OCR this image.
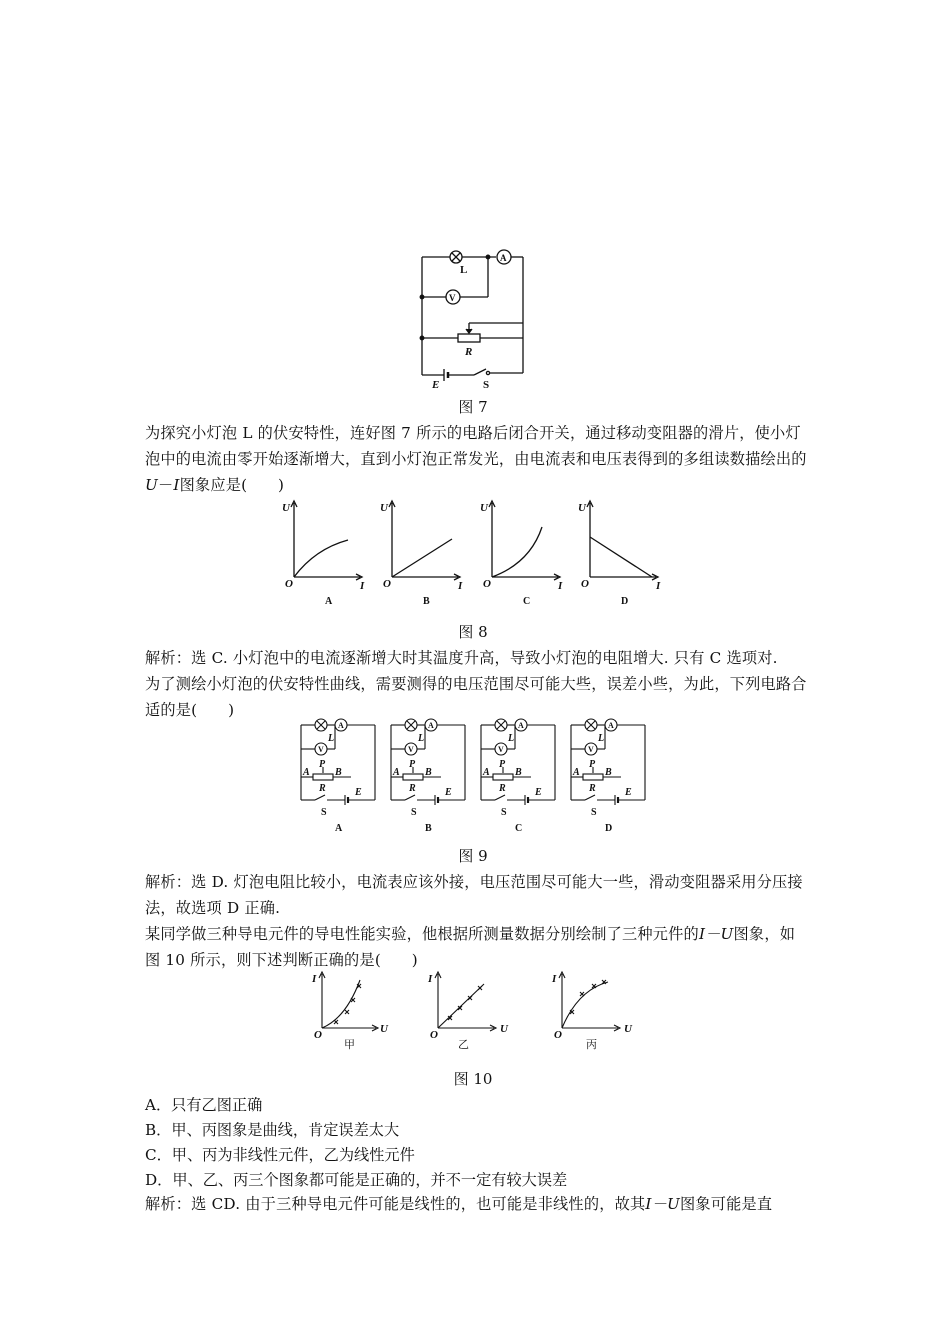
L
A
V
R
E	S
图 7
为探究小灯泡 L 的伏安特性，连好图 7 所示的电路后闭合开关，通过移动变阻器的滑片，使小灯泡中的电流由零开始逐渐增大，直到小灯泡正常发光，由电流表和电压表得到的多组读数描绘出的U－I图象应是(　　)
U
O	I
U
O	I
U
O	I
U
O	I
A	B	C	D
图 8
解析：选 C. 小灯泡中的电流逐渐增大时其温度升高，导致小灯泡的电阻增大. 只有 C 选项对.
为了测绘小灯泡的伏安特性曲线，需要测得的电压范围尽可能大些，误差小些，为此，下列电路合适的是(　　)
A
V
A
V
A
V
A
V
L
A
P
B
R	E
S
L
A
P
B
R	E
S
L
A
P
B
R	E
S
L
A
P
B
R	E
S
A	B	C	D
图 9
解析：选 D. 灯泡电阻比较小，电流表应该外接，电压范围尽可能大一些，滑动变阻器采用分压接法，故选项 D 正确.
某同学做三种导电元件的导电性能实验，他根据所测量数据分别绘制了三种元件的I－U图象，如图 10 所示，则下述判断正确的是(　　)
I
O	U
I
O	U
I
O	U
甲	乙	丙
图 10
A．只有乙图正确
B．甲、丙图象是曲线，肯定误差太大
C．甲、丙为非线性元件，乙为线性元件
D．甲、乙、丙三个图象都可能是正确的，并不一定有较大误差
解析：选 CD. 由于三种导电元件可能是线性的，也可能是非线性的，故其I－U图象可能是直
